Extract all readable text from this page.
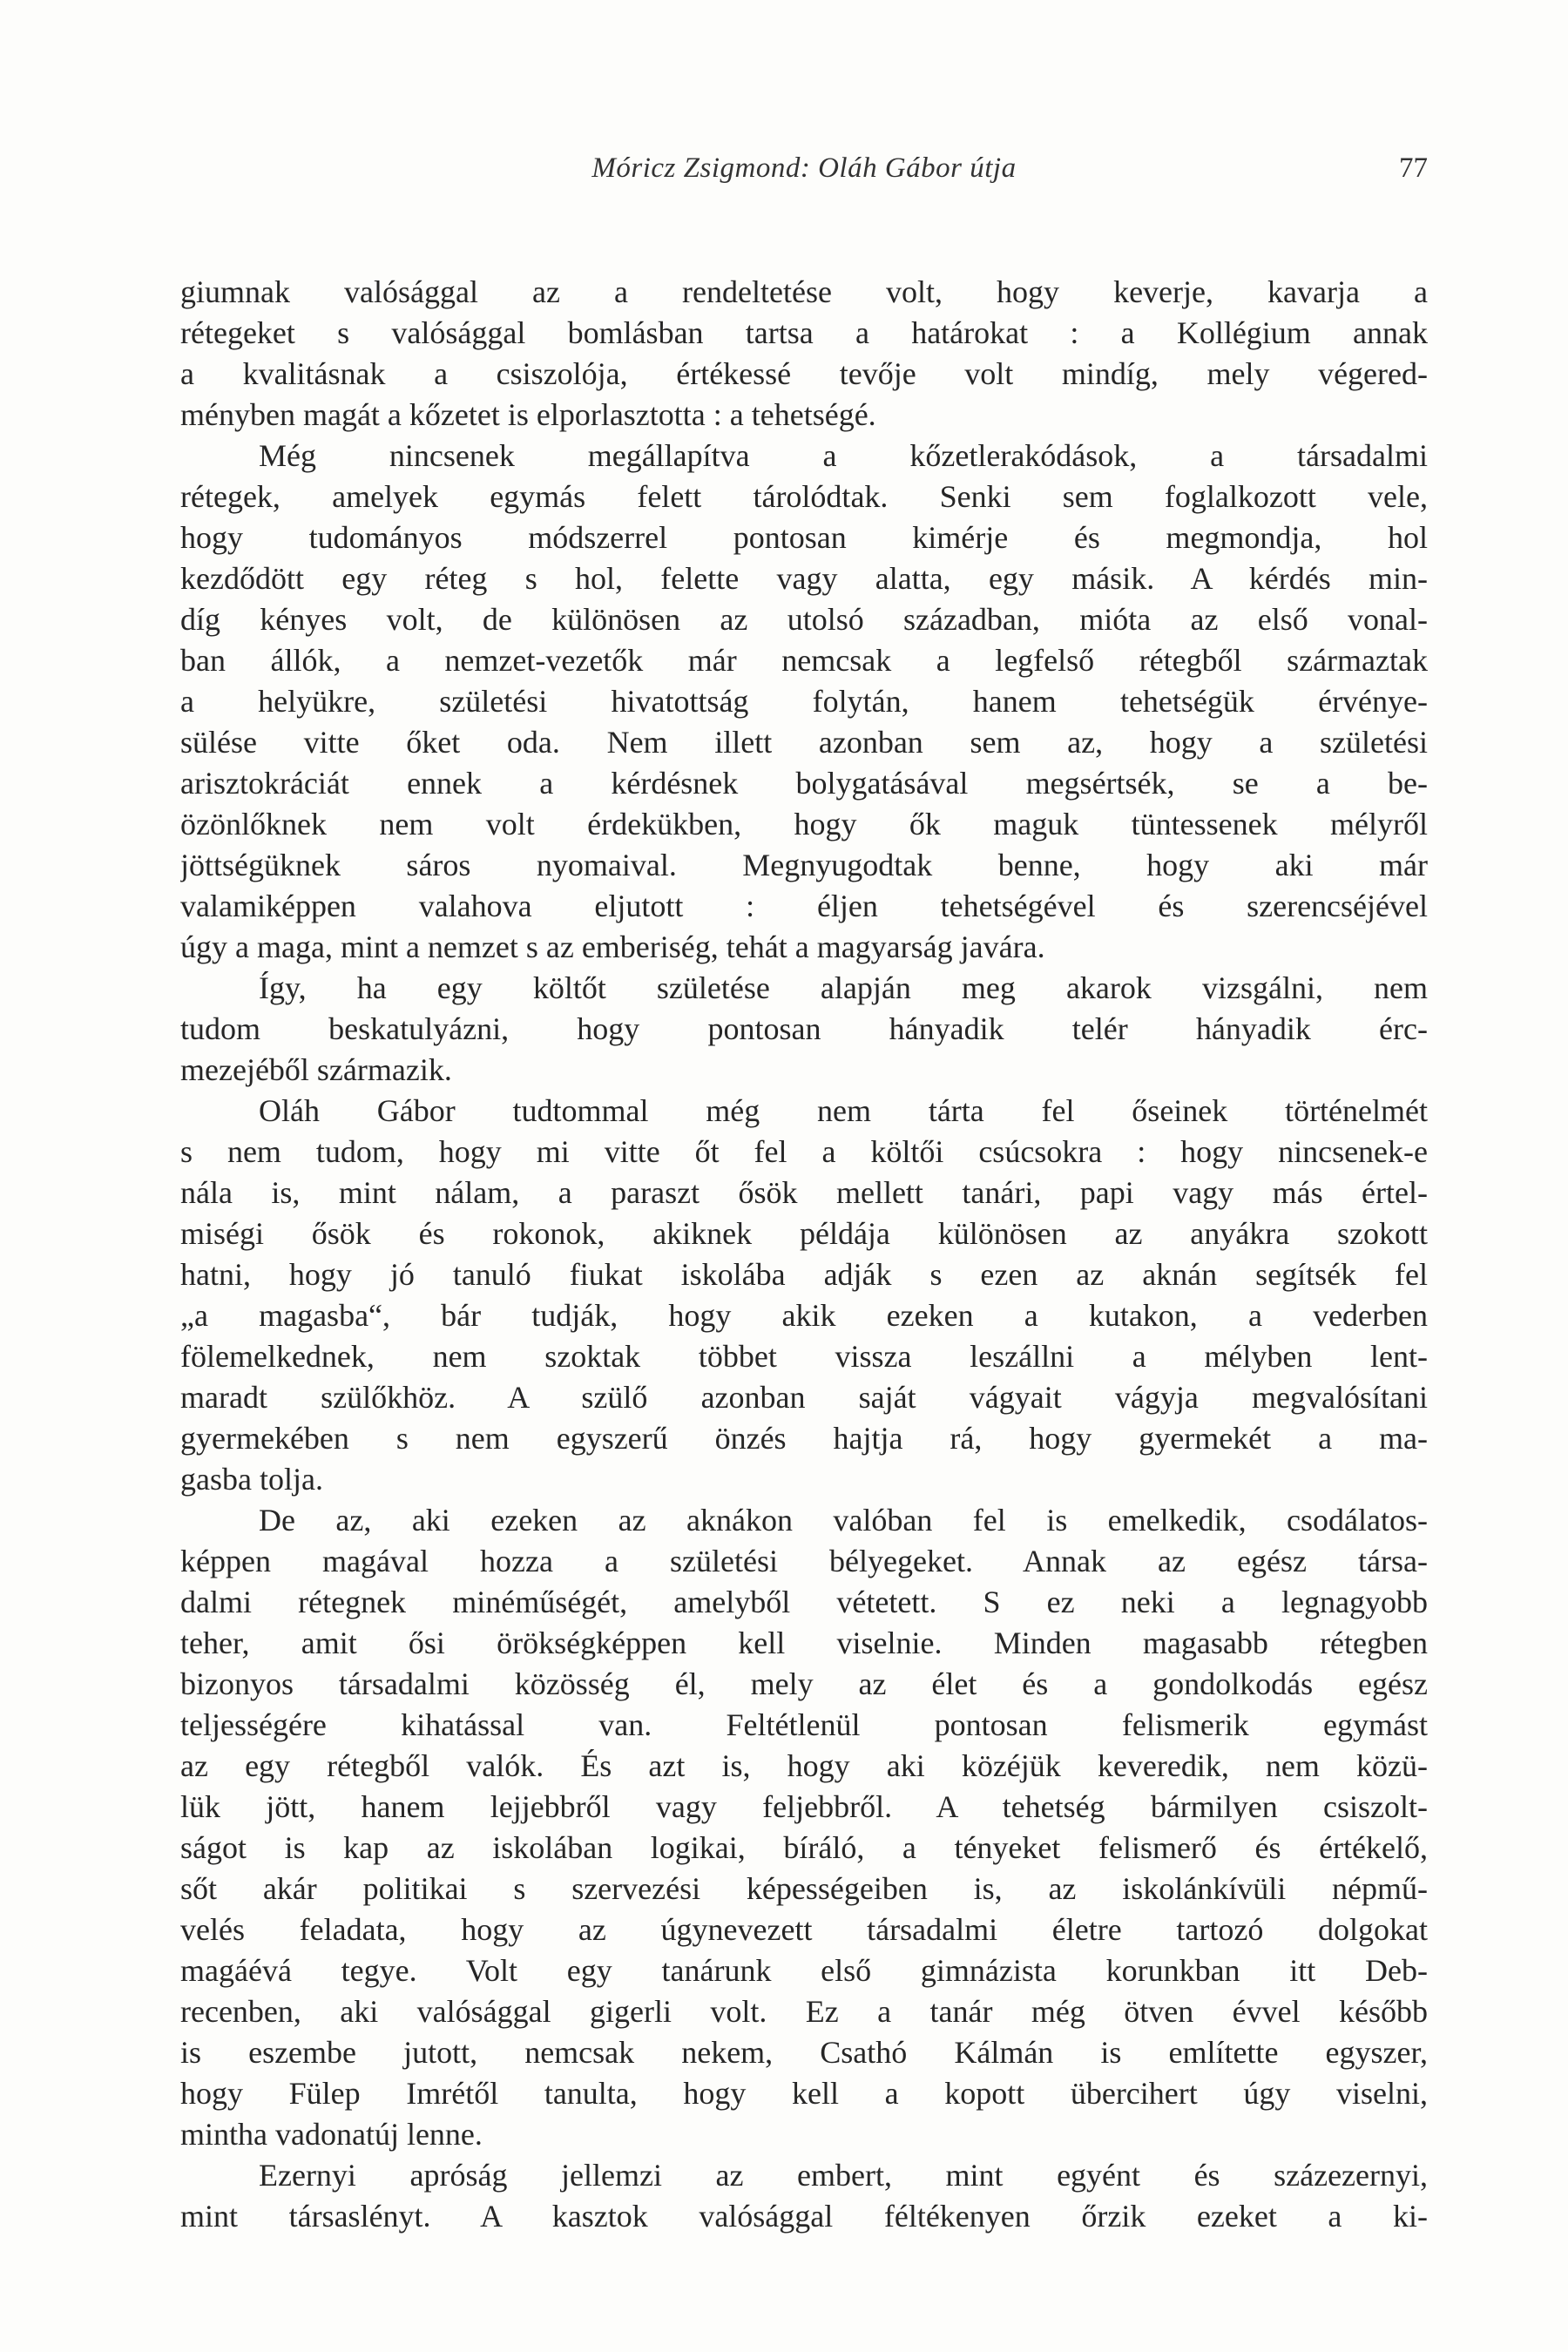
Móricz Zsigmond: Oláh Gábor útja	77
giumnak valósággal az a rendeltetése volt, hogy keverje, kavarja a
rétegeket s valósággal bomlásban tartsa a határokat : a Kollégium annak
a kvalitásnak a csiszolója, értékessé tevője volt mindíg, mely végered-
ményben magát a kőzetet is elporlasztotta : a tehetségé.
Még nincsenek megállapítva a kőzetlerakódások, a társadalmi
rétegek, amelyek egymás felett tárolódtak. Senki sem foglalkozott vele,
hogy tudományos módszerrel pontosan kimérje és megmondja, hol
kezdődött egy réteg s hol, felette vagy alatta, egy másik. A kérdés min-
díg kényes volt, de különösen az utolsó században, mióta az első vonal-
ban állók, a nemzet-vezetők már nemcsak a legfelső rétegből származtak
a helyükre, születési hivatottság folytán, hanem tehetségük érvénye-
sülése vitte őket oda. Nem illett azonban sem az, hogy a születési
arisztokráciát ennek a kérdésnek bolygatásával megsértsék, se a be-
özönlőknek nem volt érdekükben, hogy ők maguk tüntessenek mélyről
jöttségüknek sáros nyomaival. Megnyugodtak benne, hogy aki már
valamiképpen valahova eljutott : éljen tehetségével és szerencséjével
úgy a maga, mint a nemzet s az emberiség, tehát a magyarság javára.
Így, ha egy költőt születése alapján meg akarok vizsgálni, nem
tudom beskatulyázni, hogy pontosan hányadik telér hányadik érc-
mezejéből származik.
Oláh Gábor tudtommal még nem tárta fel őseinek történelmét
s nem tudom, hogy mi vitte őt fel a költői csúcsokra : hogy nincsenek-e
nála is, mint nálam, a paraszt ősök mellett tanári, papi vagy más értel-
miségi ősök és rokonok, akiknek példája különösen az anyákra szokott
hatni, hogy jó tanuló fiukat iskolába adják s ezen az aknán segítsék fel
„a magasba“, bár tudják, hogy akik ezeken a kutakon, a vederben
fölemelkednek, nem szoktak többet vissza leszállni a mélyben lent-
maradt szülőkhöz. A szülő azonban saját vágyait vágyja megvalósítani
gyermekében s nem egyszerű önzés hajtja rá, hogy gyermekét a ma-
gasba tolja.
De az, aki ezeken az aknákon valóban fel is emelkedik, csodálatos-
képpen magával hozza a születési bélyegeket. Annak az egész társa-
dalmi rétegnek minéműségét, amelyből vétetett. S ez neki a legnagyobb
teher, amit ősi örökségképpen kell viselnie. Minden magasabb rétegben
bizonyos társadalmi közösség él, mely az élet és a gondolkodás egész
teljességére kihatással van. Feltétlenül pontosan felismerik egymást
az egy rétegből valók. És azt is, hogy aki közéjük keveredik, nem közü-
lük jött, hanem lejjebbről vagy feljebbről. A tehetség bármilyen csiszolt-
ságot is kap az iskolában logikai, bíráló, a tényeket felismerő és értékelő,
sőt akár politikai s szervezési képességeiben is, az iskolánkívüli népmű-
velés feladata, hogy az úgynevezett társadalmi életre tartozó dolgokat
magáévá tegye. Volt egy tanárunk első gimnázista korunkban itt Deb-
recenben, aki valósággal gigerli volt. Ez a tanár még ötven évvel később
is eszembe jutott, nemcsak nekem, Csathó Kálmán is említette egyszer,
hogy Fülep Imrétől tanulta, hogy kell a kopott übercihert úgy viselni,
mintha vadonatúj lenne.
Ezernyi apróság jellemzi az embert, mint egyént és százezernyi,
mint társaslényt. A kasztok valósággal féltékenyen őrzik ezeket a ki-
